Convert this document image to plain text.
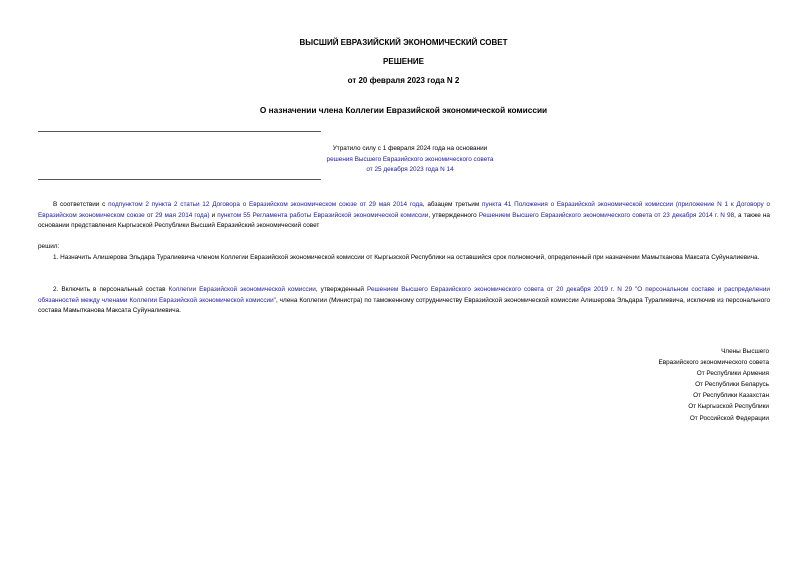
ВЫСШИЙ ЕВРАЗИЙСКИЙ ЭКОНОМИЧЕСКИЙ СОВЕТ
РЕШЕНИЕ
от 20 февраля 2023 года N 2
О назначении члена Коллегии Евразийской экономической комиссии
Утратило силу с 1 февраля 2024 года на основании
решения Высшего Евразийского экономического совета
от 25 декабря 2023 года N 14
В соответствии с подпунктом 2 пункта 2 статьи 12 Договора о Евразийском экономическом союзе от 29 мая 2014 года, абзацем третьим пункта 41 Положения о Евразийской экономической комиссии (приложение N 1 к Договору о Евразийском экономическом союзе от 29 мая 2014 года) и пунктом 55 Регламента работы Евразийской экономической комиссии, утвержденного Решением Высшего Евразийского экономического совета от 23 декабря 2014 г. N 98, а также на основании представления Кыргызской Республики Высший Евразийский экономический совет
решил:
1. Назначить Алишерова Эльдара Туралиевича членом Коллегии Евразийской экономической комиссии от Кыргызской Республики на оставшийся срок полномочий, определенный при назначении Мамытканова Максата Суйуналиевича.
2. Включить в персональный состав Коллегии Евразийской экономической комиссии, утвержденный Решением Высшего Евразийского экономического совета от 20 декабря 2019 г. N 29 "О персональном составе и распределении обязанностей между членами Коллегии Евразийской экономической комиссии", члена Коллегии (Министра) по таможенному сотрудничеству Евразийской экономической комиссии Алишерова Эльдара Туралиевича, исключив из персонального состава Мамытканова Максата Суйуналиевича.
Члены Высшего
Евразийского экономического совета
От Республики Армения
От Республики Беларусь
От Республики Казахстан
От Кыргызской Республики
От Российской Федерации
